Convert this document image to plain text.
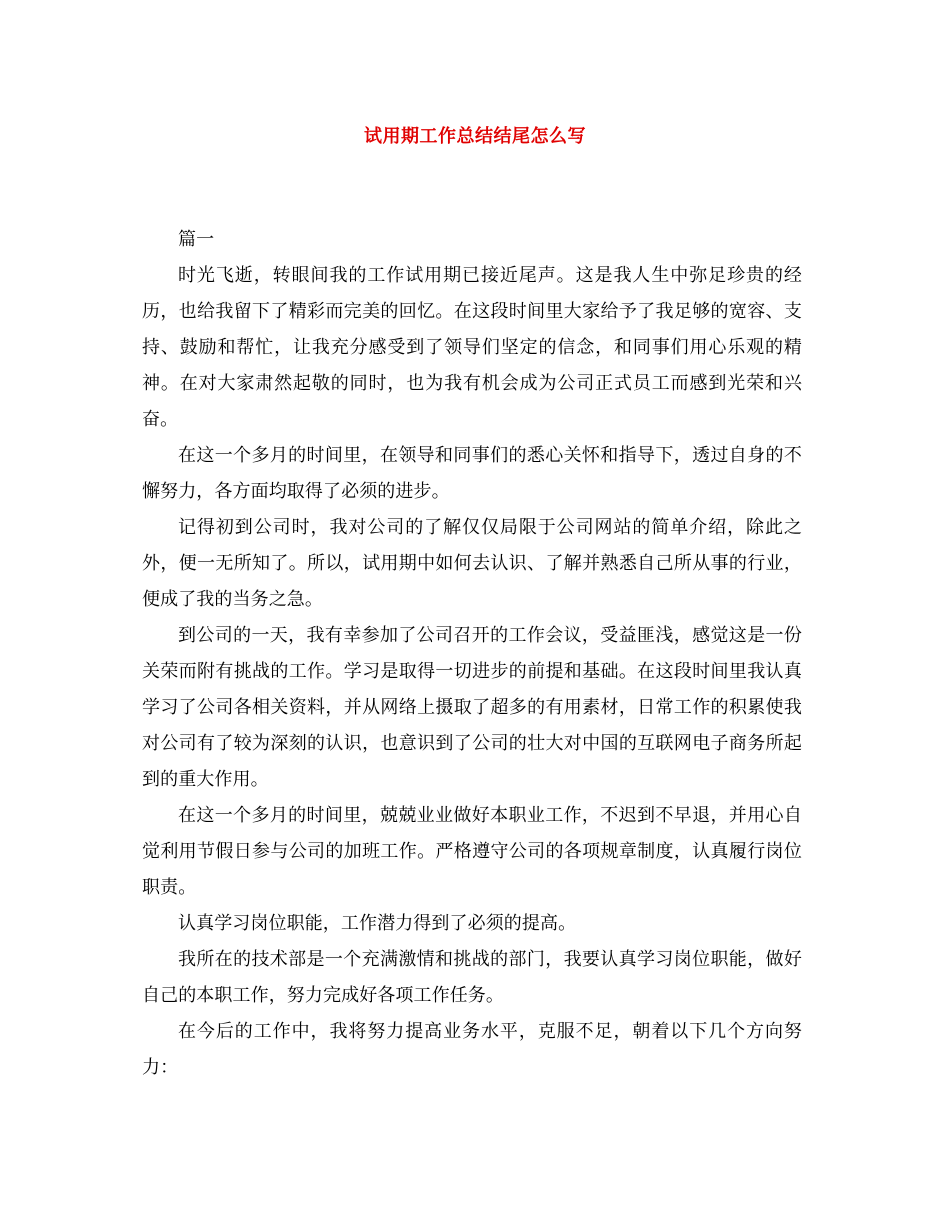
试用期工作总结结尾怎么写

篇一

时光飞逝，转眼间我的工作试用期已接近尾声。这是我人生中弥足珍贵的经历，也给我留下了精彩而完美的回忆。在这段时间里大家给予了我足够的宽容、支持、鼓励和帮忙，让我充分感受到了领导们坚定的信念，和同事们用心乐观的精神。在对大家肃然起敬的同时，也为我有机会成为公司正式员工而感到光荣和兴奋。

在这一个多月的时间里，在领导和同事们的悉心关怀和指导下，透过自身的不懈努力，各方面均取得了必须的进步。

记得初到公司时，我对公司的了解仅仅局限于公司网站的简单介绍，除此之外，便一无所知了。所以，试用期中如何去认识、了解并熟悉自己所从事的行业，便成了我的当务之急。

到公司的一天，我有幸参加了公司召开的工作会议，受益匪浅，感觉这是一份关荣而附有挑战的工作。学习是取得一切进步的前提和基础。在这段时间里我认真学习了公司各相关资料，并从网络上摄取了超多的有用素材，日常工作的积累使我对公司有了较为深刻的认识，也意识到了公司的壮大对中国的互联网电子商务所起到的重大作用。

在这一个多月的时间里，兢兢业业做好本职业工作，不迟到不早退，并用心自觉利用节假日参与公司的加班工作。严格遵守公司的各项规章制度，认真履行岗位职责。

认真学习岗位职能，工作潜力得到了必须的提高。

我所在的技术部是一个充满激情和挑战的部门，我要认真学习岗位职能，做好自己的本职工作，努力完成好各项工作任务。

在今后的工作中，我将努力提高业务水平，克服不足，朝着以下几个方向努力：
